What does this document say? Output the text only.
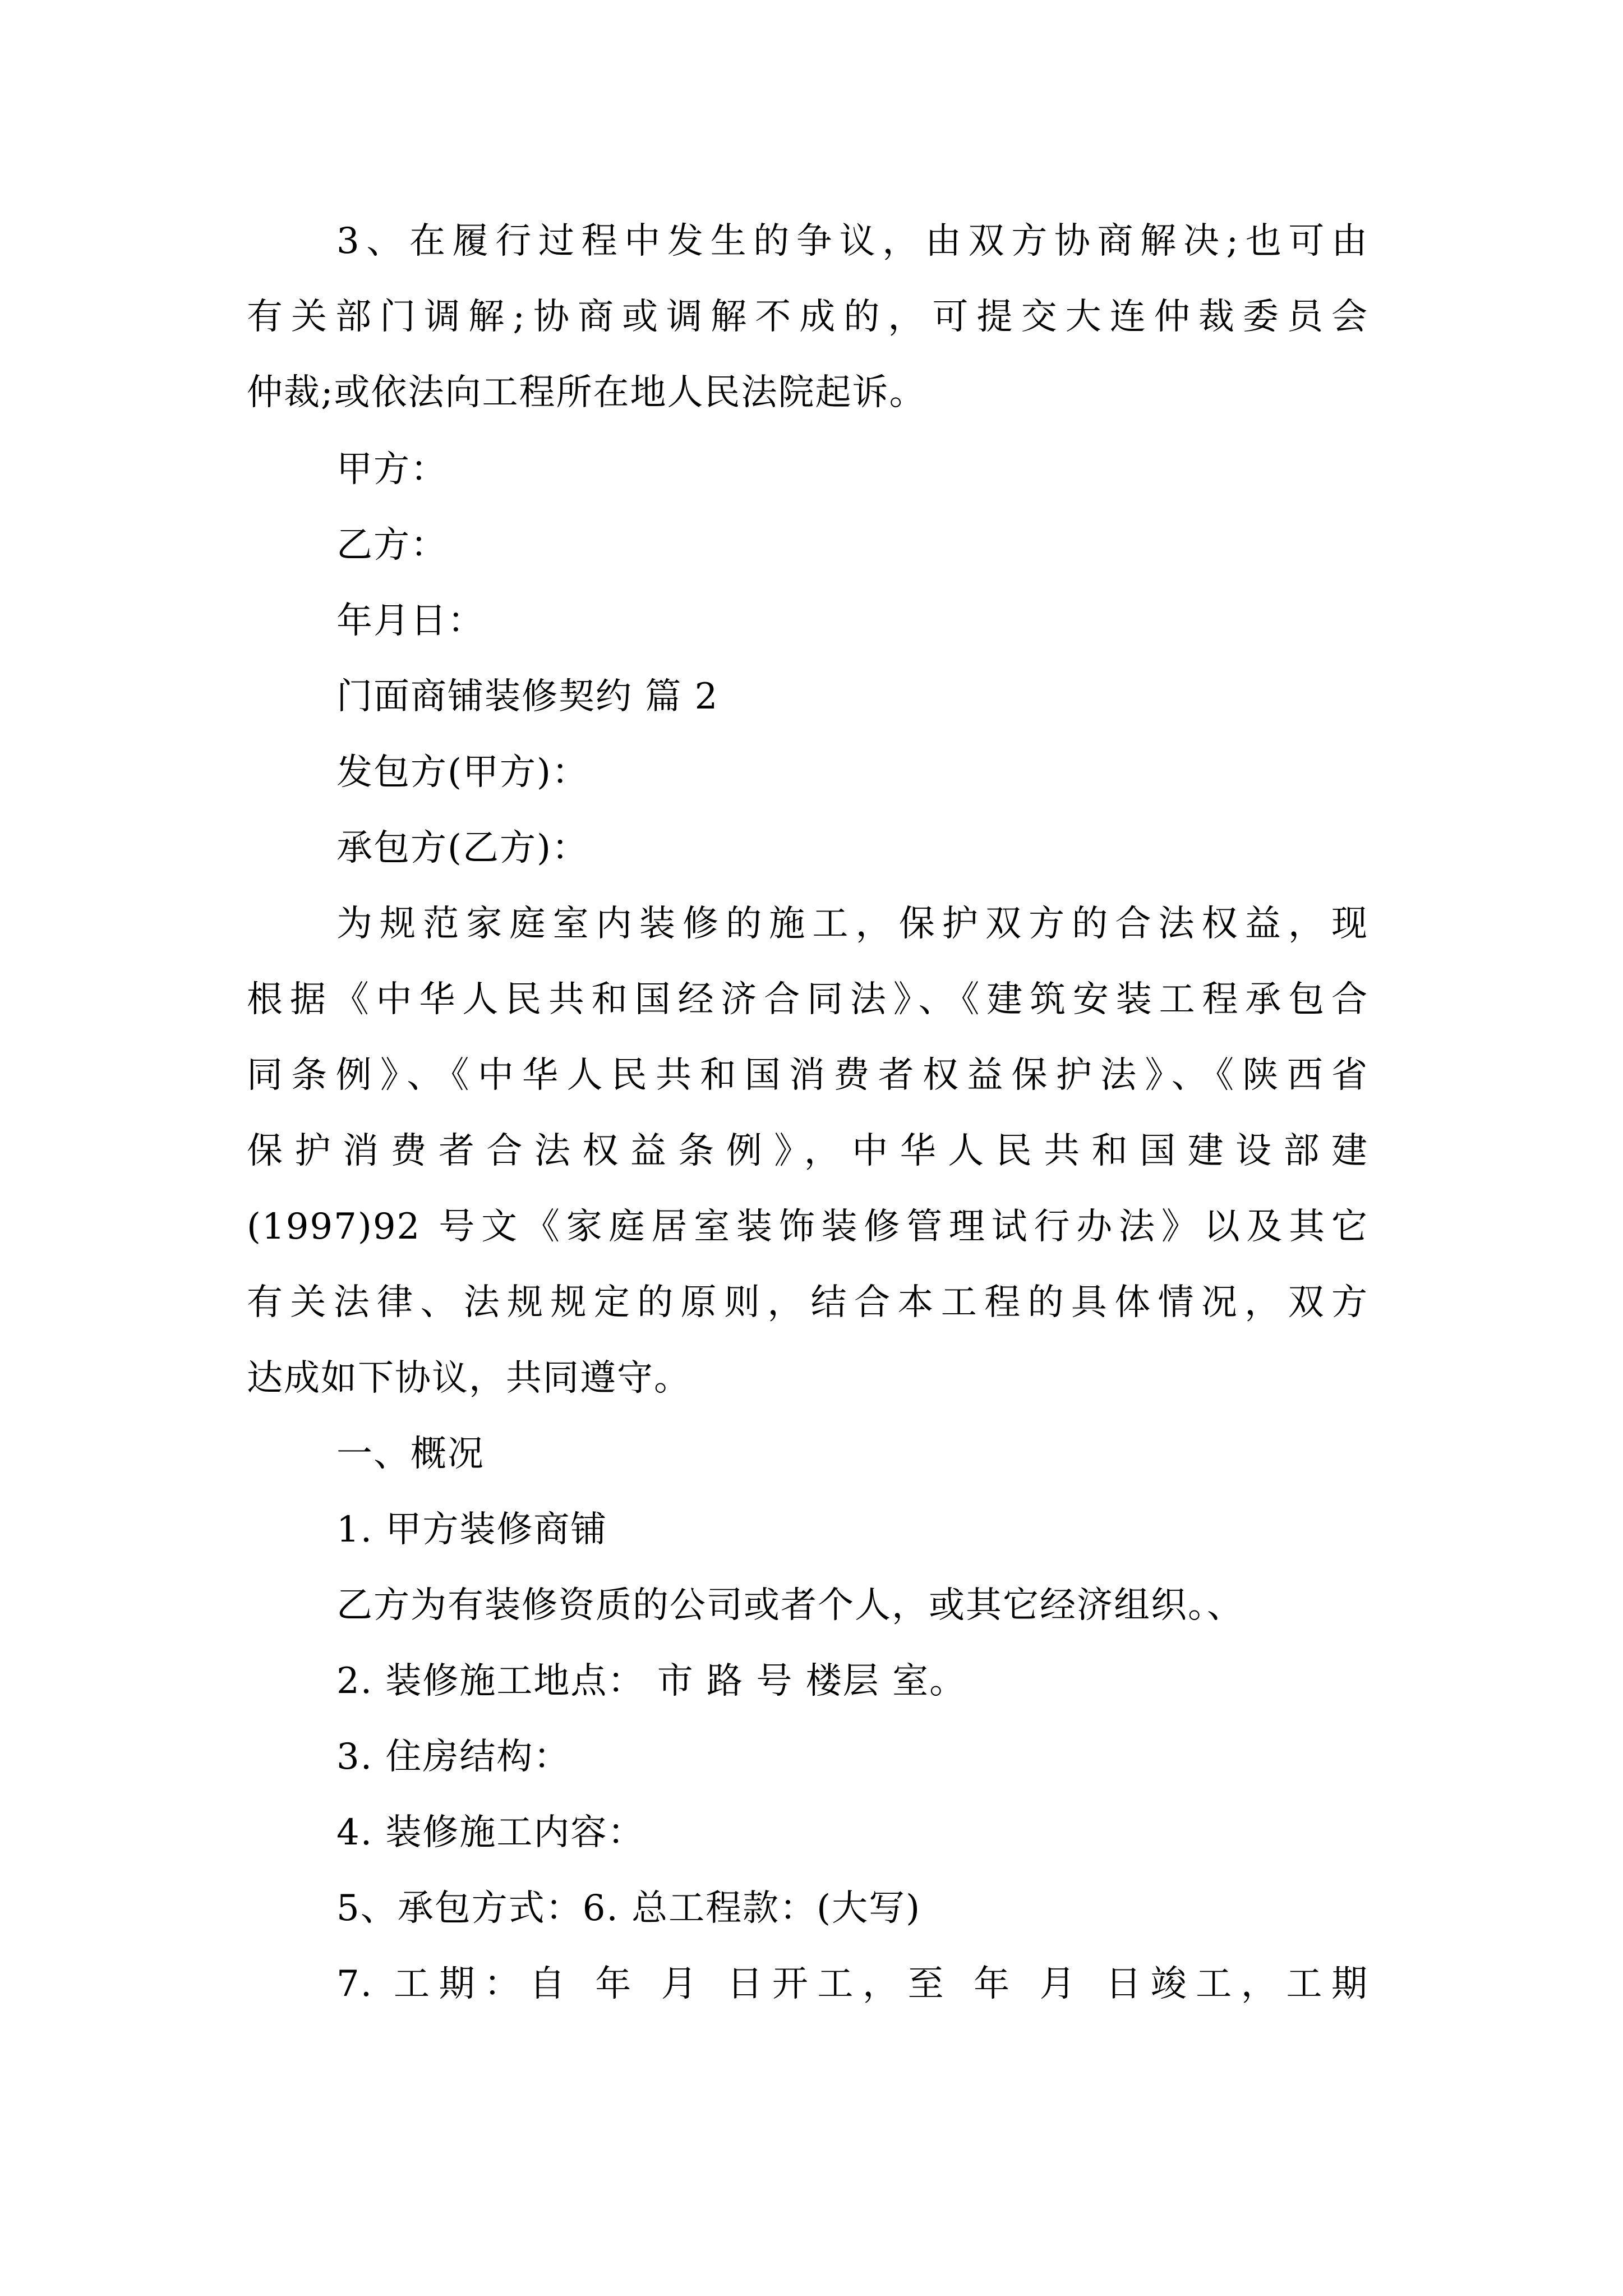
3、在履行过程中发生的争议，由双方协商解决;也可由
有关部门调解;协商或调解不成的，可提交大连仲裁委员会
仲裁;或依法向工程所在地人民法院起诉。
甲方：
乙方：
年月日：
门面商铺装修契约 篇 2
发包方(甲方)：
承包方(乙方)：
为规范家庭室内装修的施工，保护双方的合法权益，现
根据《中华人民共和国经济合同法》、《建筑安装工程承包合
同条例》、《中华人民共和国消费者权益保护法》、《陕西省
保护消费者合法权益条例》，中华人民共和国建设部建
(1997)92 号文《家庭居室装饰装修管理试行办法》以及其它
有关法律、法规规定的原则，结合本工程的具体情况，双方
达成如下协议，共同遵守。
一、概况
1. 甲方装修商铺
乙方为有装修资质的公司或者个人，或其它经济组织。、
2. 装修施工地点： 市 路 号 楼层 室。
3. 住房结构：
4. 装修施工内容：
5、承包方式：6. 总工程款：(大写)
7. 工期：自 年 月 日开工，至 年 月 日竣工，工期
